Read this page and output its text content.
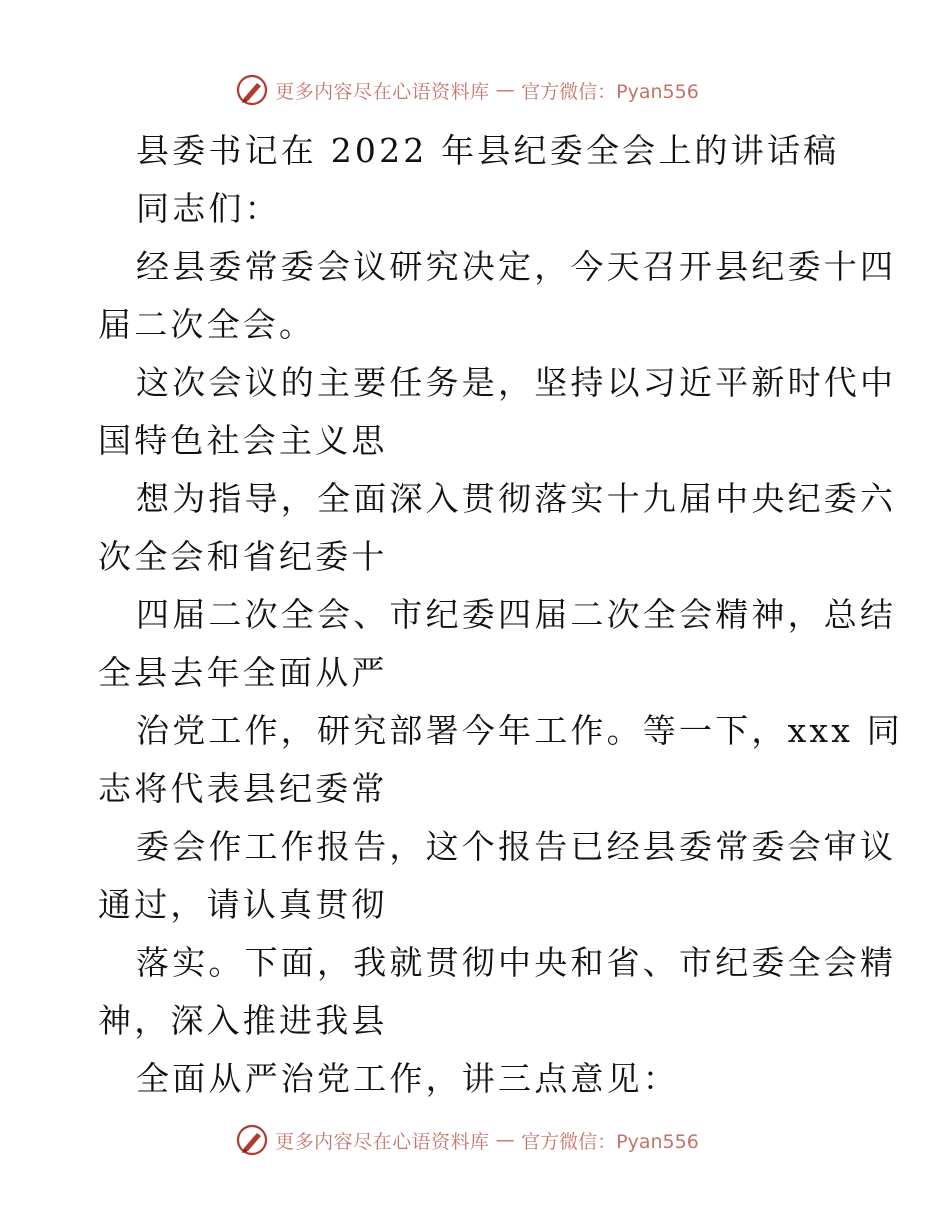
更多内容尽在心语资料库 — 官方微信：Pyan556
县委书记在 2022 年县纪委全会上的讲话稿
同志们：
经县委常委会议研究决定，今天召开县纪委十四
届二次全会。
这次会议的主要任务是，坚持以习近平新时代中
国特色社会主义思
想为指导，全面深入贯彻落实十九届中央纪委六
次全会和省纪委十
四届二次全会、市纪委四届二次全会精神，总结
全县去年全面从严
治党工作，研究部署今年工作。等一下，xxx 同
志将代表县纪委常
委会作工作报告，这个报告已经县委常委会审议
通过，请认真贯彻
落实。下面，我就贯彻中央和省、市纪委全会精
神，深入推进我县
全面从严治党工作，讲三点意见：
更多内容尽在心语资料库 — 官方微信：Pyan556
